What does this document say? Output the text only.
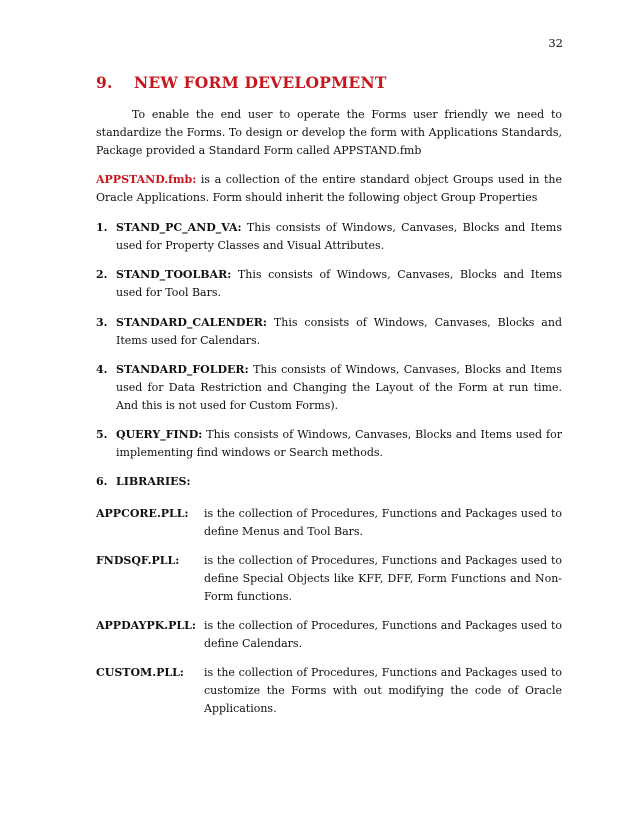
32
9. NEW FORM DEVELOPMENT

To enable the end user to operate the Forms user friendly we need to standardize the Forms. To design or develop the form with Applications Standards, Package provided a Standard Form called APPSTAND.fmb

APPSTAND.fmb: is a collection of the entire standard object Groups used in the Oracle Applications. Form should inherit the following object Group Properties

1. STAND_PC_AND_VA: This consists of Windows, Canvases, Blocks and Items used for Property Classes and Visual Attributes.
2. STAND_TOOLBAR: This consists of Windows, Canvases, Blocks and Items used for Tool Bars.
3. STANDARD_CALENDER: This consists of Windows, Canvases, Blocks and Items used for Calendars.
4. STANDARD_FOLDER: This consists of Windows, Canvases, Blocks and Items used for Data Restriction and Changing the Layout of the Form at run time. And this is not used for Custom Forms).
5. QUERY_FIND: This consists of Windows, Canvases, Blocks and Items used for implementing find windows or Search methods.
6. LIBRARIES:
APPCORE.PLL: is the collection of Procedures, Functions and Packages used to define Menus and Tool Bars.
FNDSQF.PLL: is the collection of Procedures, Functions and Packages used to define Special Objects like KFF, DFF, Form Functions and Non-Form functions.
APPDAYPK.PLL: is the collection of Procedures, Functions and Packages used to define Calendars.
CUSTOM.PLL: is the collection of Procedures, Functions and Packages used to customize the Forms with out modifying the code of Oracle Applications.
